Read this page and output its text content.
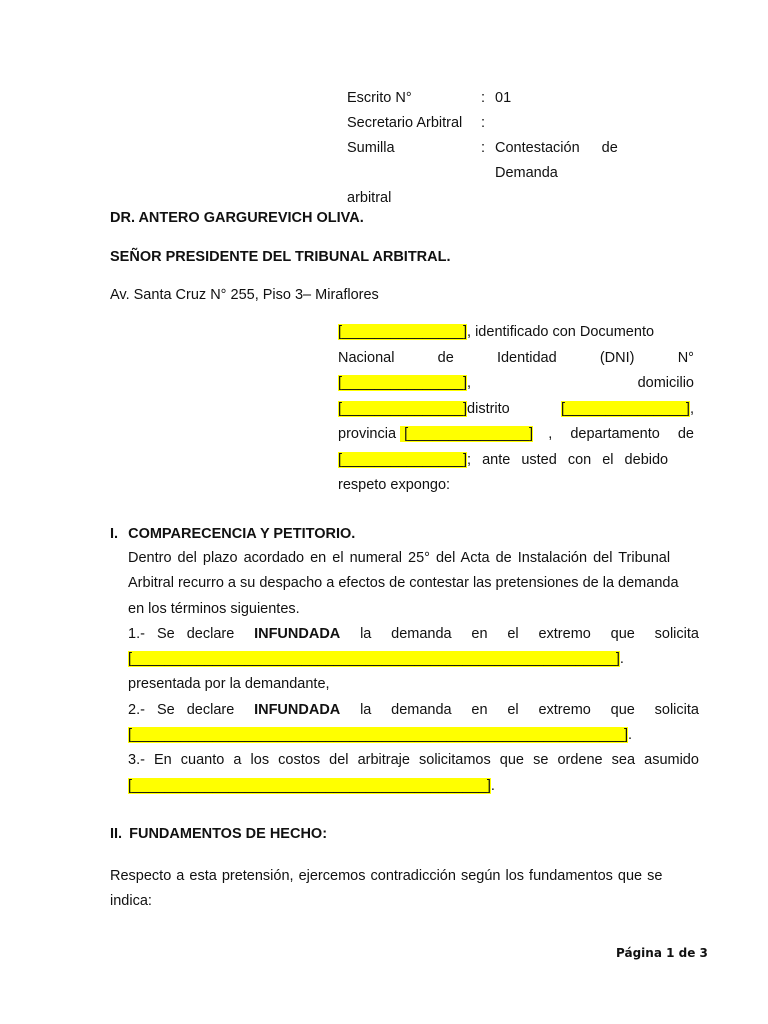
Escrito N°	: 01
Secretario Arbitral	:
Sumilla	: Contestación de Demanda
arbitral
DR. ANTERO GARGUREVICH OLIVA.
SEÑOR PRESIDENTE DEL TRIBUNAL ARBITRAL.
Av. Santa Cruz N° 255, Piso 3– Miraflores
[_______________], identificado con Documento
Nacional	de	Identidad	(DNI)	N°
[_______________],	domicilio
[_______________]distrito	[_______________],
provincia [_______________] , departamento de
[_______________]; ante usted con el debido
respeto expongo:
I. COMPARECENCIA Y PETITORIO.
Dentro del plazo acordado en el numeral 25° del Acta de Instalación del Tribunal
Arbitral recurro a su despacho a efectos de contestar las pretensiones de la demanda
en los términos siguientes.
1.- Se declare INFUNDADA la demanda en el extremo que solicita
[____________________________________________________________].
presentada por la demandante,
2.- Se declare INFUNDADA la demanda en el extremo que solicita
[_____________________________________________________________].
3.- En cuanto a los costos del arbitraje solicitamos que se ordene sea asumido
[____________________________________________].
II. FUNDAMENTOS DE HECHO:
Respecto a esta pretensión, ejercemos contradicción según los fundamentos que se
indica:
Página 1 de 3
